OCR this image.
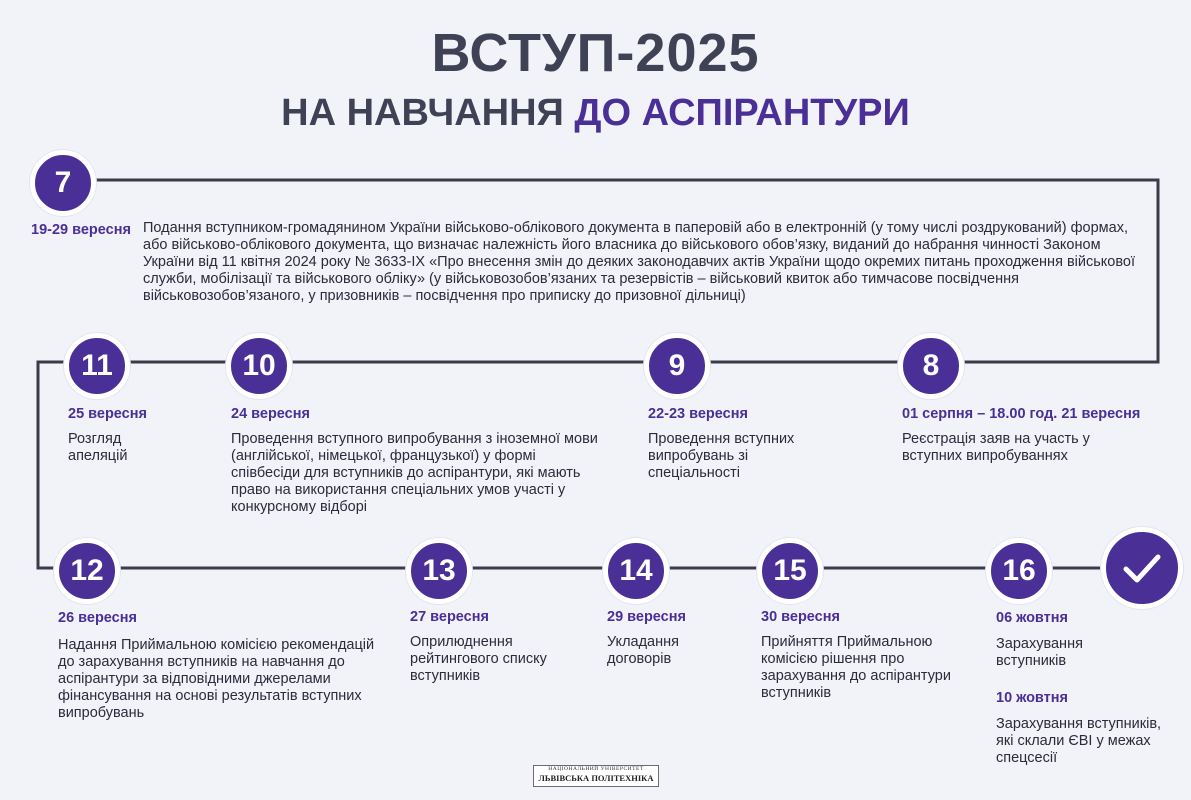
ВСТУП-2025
НА НАВЧАННЯ ДО АСПІРАНТУРИ
7
19-29 вересня Подання вступником-громадянином України військово-облікового документа в паперовій або в електронній (у тому числі роздрукований) формах, або військово-облікового документа, що визначає належність його власника до військового обов’язку, виданий до набрання чинності Законом України від 11 квітня 2024 року № 3633-IX «Про внесення змін до деяких законодавчих актів України щодо окремих питань проходження військової служби, мобілізації та військового обліку» (у військовозобов’язаних та резервістів – військовий квиток або тимчасове посвідчення військовозобов’язаного, у призовників – посвідчення про приписку до призовної дільниці)
8
01 серпня – 18.00 год. 21 вересня
Реєстрація заяв на участь у вступних випробуваннях
9
22-23 вересня
Проведення вступних випробувань зі спеціальності
10
24 вересня
Проведення вступного випробування з іноземної мови (англійської, німецької, французької) у формі співбесіди для вступників до аспірантури, які мають право на використання спеціальних умов участі у конкурсному відборі
11
25 вересня
Розгляд апеляцій
12
26 вересня
Надання Приймальною комісією рекомендацій до зарахування вступників на навчання до аспірантури за відповідними джерелами фінансування на основі результатів вступних випробувань
13
27 вересня
Оприлюднення рейтингового списку вступників
14
29 вересня
Укладання договорів
15
30 вересня
Прийняття Приймальною комісією рішення про зарахування до аспірантури вступників
16
06 жовтня
Зарахування вступників
10 жовтня
Зарахування вступників, які склали ЄВІ у межах спецсесії
НАЦІОНАЛЬНИЙ УНІВЕРСИТЕТ
ЛЬВІВСЬКА ПОЛІТЕХНІКА
